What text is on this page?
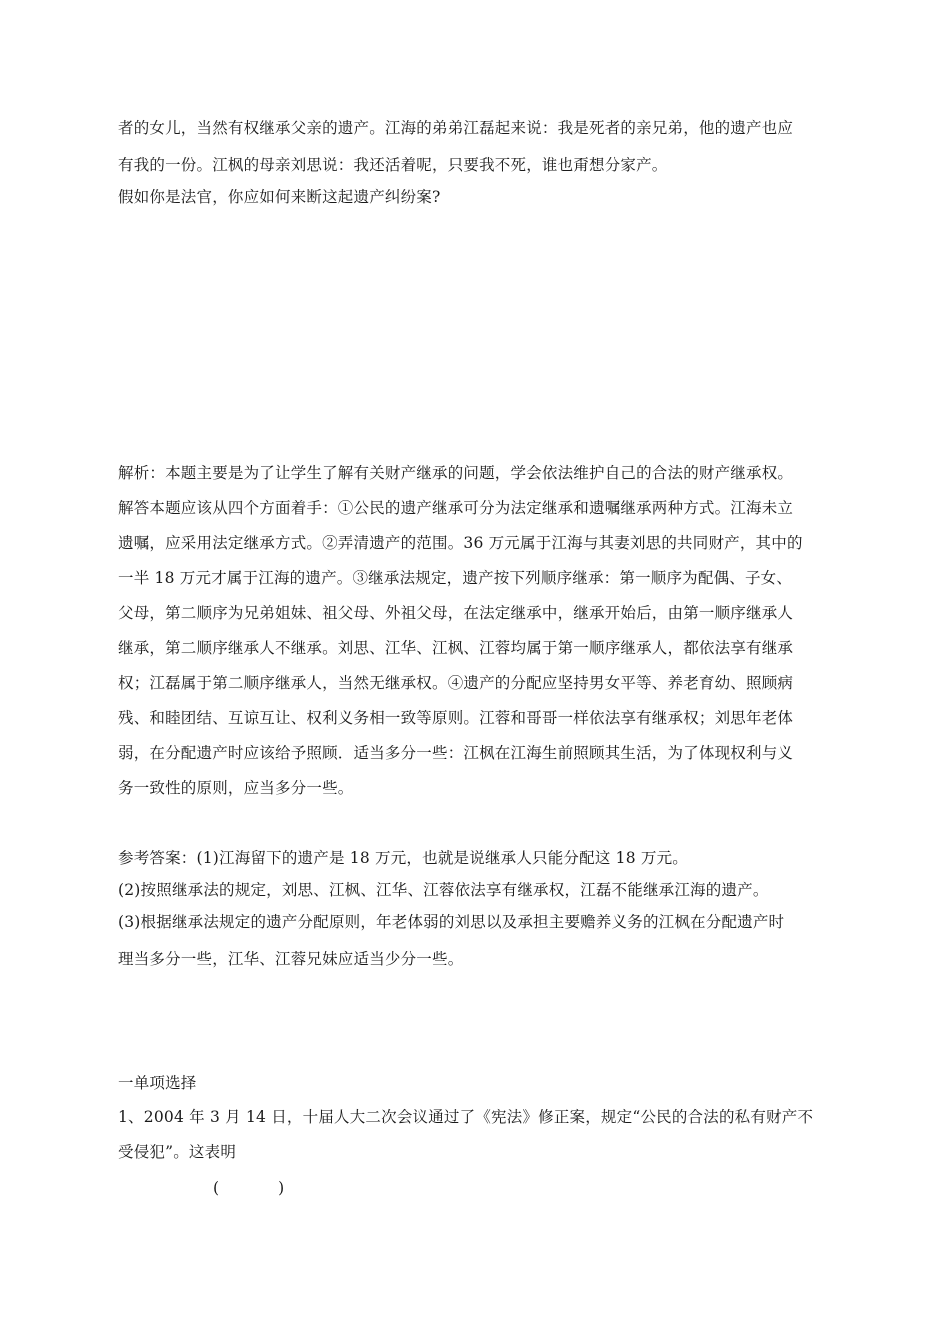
者的女儿，当然有权继承父亲的遗产。江海的弟弟江磊起来说：我是死者的亲兄弟，他的遗产也应
有我的一份。江枫的母亲刘思说：我还活着呢，只要我不死，谁也甭想分家产。
假如你是法官，你应如何来断这起遗产纠纷案?
解析：本题主要是为了让学生了解有关财产继承的问题，学会依法维护自己的合法的财产继承权。
解答本题应该从四个方面着手：①公民的遗产继承可分为法定继承和遗嘱继承两种方式。江海未立
遗嘱，应采用法定继承方式。②弄清遗产的范围。36 万元属于江海与其妻刘思的共同财产，其中的
一半 18 万元才属于江海的遗产。③继承法规定，遗产按下列顺序继承：第一顺序为配偶、子女、
父母，第二顺序为兄弟姐妹、祖父母、外祖父母，在法定继承中，继承开始后，由第一顺序继承人
继承，第二顺序继承人不继承。刘思、江华、江枫、江蓉均属于第一顺序继承人，都依法享有继承
权；江磊属于第二顺序继承人，当然无继承权。④遗产的分配应坚持男女平等、养老育幼、照顾病
残、和睦团结、互谅互让、权利义务相一致等原则。江蓉和哥哥一样依法享有继承权；刘思年老体
弱，在分配遗产时应该给予照顾．适当多分一些：江枫在江海生前照顾其生活，为了体现权利与义
务一致性的原则，应当多分一些。
参考答案：(1)江海留下的遗产是 18 万元，也就是说继承人只能分配这 18 万元。
(2)按照继承法的规定，刘思、江枫、江华、江蓉依法享有继承权，江磊不能继承江海的遗产。
(3)根据继承法规定的遗产分配原则，年老体弱的刘思以及承担主要赡养义务的江枫在分配遗产时
理当多分一些，江华、江蓉兄妹应适当少分一些。
一单项选择
1、2004 年 3 月 14 日，十届人大二次会议通过了《宪法》修正案，规定“公民的合法的私有财产不
受侵犯”。这表明
(            )
